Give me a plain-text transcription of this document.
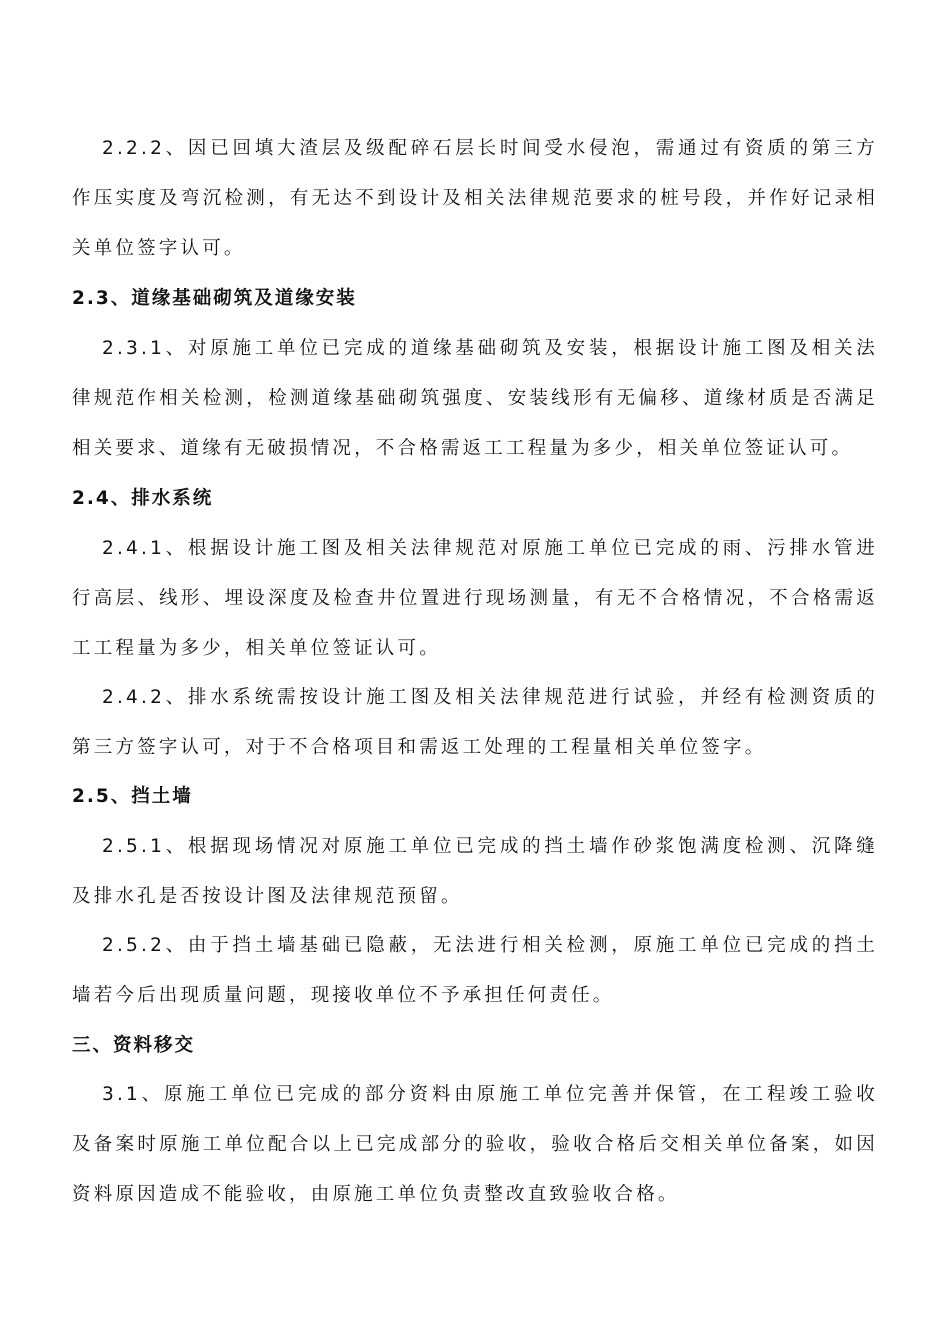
2.2.2、因已回填大渣层及级配碎石层长时间受水侵泡，需通过有资质的第三方作压实度及弯沉检测，有无达不到设计及相关法律规范要求的桩号段，并作好记录相关单位签字认可。

2.3、道缘基础砌筑及道缘安装

2.3.1、对原施工单位已完成的道缘基础砌筑及安装，根据设计施工图及相关法律规范作相关检测，检测道缘基础砌筑强度、安装线形有无偏移、道缘材质是否满足相关要求、道缘有无破损情况，不合格需返工工程量为多少，相关单位签证认可。

2.4、排水系统

2.4.1、根据设计施工图及相关法律规范对原施工单位已完成的雨、污排水管进行高层、线形、埋设深度及检查井位置进行现场测量，有无不合格情况，不合格需返工工程量为多少，相关单位签证认可。

2.4.2、排水系统需按设计施工图及相关法律规范进行试验，并经有检测资质的第三方签字认可，对于不合格项目和需返工处理的工程量相关单位签字。

2.5、挡土墙

2.5.1、根据现场情况对原施工单位已完成的挡土墙作砂浆饱满度检测、沉降缝及排水孔是否按设计图及法律规范预留。

2.5.2、由于挡土墙基础已隐蔽，无法进行相关检测，原施工单位已完成的挡土墙若今后出现质量问题，现接收单位不予承担任何责任。

三、资料移交

3.1、原施工单位已完成的部分资料由原施工单位完善并保管，在工程竣工验收及备案时原施工单位配合以上已完成部分的验收，验收合格后交相关单位备案，如因资料原因造成不能验收，由原施工单位负责整改直致验收合格。
